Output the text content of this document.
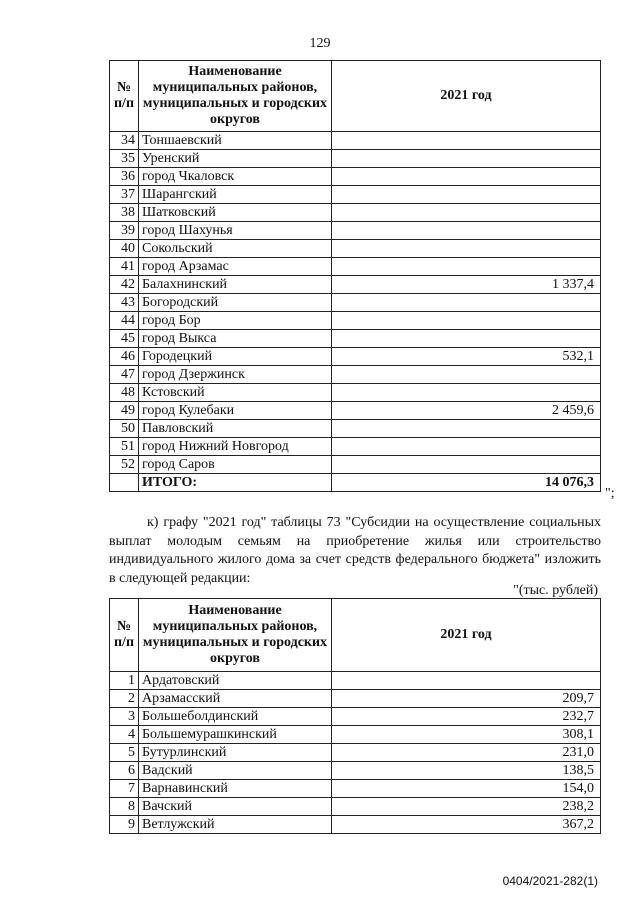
129
№ п/п	Наименование муниципальных районов, муниципальных и городских округов	2021 год
34	Тоншаевский	
35	Уренский	
36	город Чкаловск	
37	Шарангский	
38	Шатковский	
39	город Шахунья	
40	Сокольский	
41	город Арзамас	
42	Балахнинский	1 337,4
43	Богородский	
44	город Бор	
45	город Выкса	
46	Городецкий	532,1
47	город Дзержинск	
48	Кстовский	
49	город Кулебаки	2 459,6
50	Павловский	
51	город Нижний Новгород	
52	город Саров	
	ИТОГО:	14 076,3
";

к) графу "2021 год" таблицы 73 "Субсидии на осуществление социальных выплат молодым семьям на приобретение жилья или строительство индивидуального жилого дома за счет средств федерального бюджета" изложить в следующей редакции:

"(тыс. рублей)
№ п/п	Наименование муниципальных районов, муниципальных и городских округов	2021 год
1	Ардатовский	
2	Арзамасский	209,7
3	Большеболдинский	232,7
4	Большемурашкинский	308,1
5	Бутурлинский	231,0
6	Вадский	138,5
7	Варнавинский	154,0
8	Вачский	238,2
9	Ветлужский	367,2
0404/2021-282(1)
